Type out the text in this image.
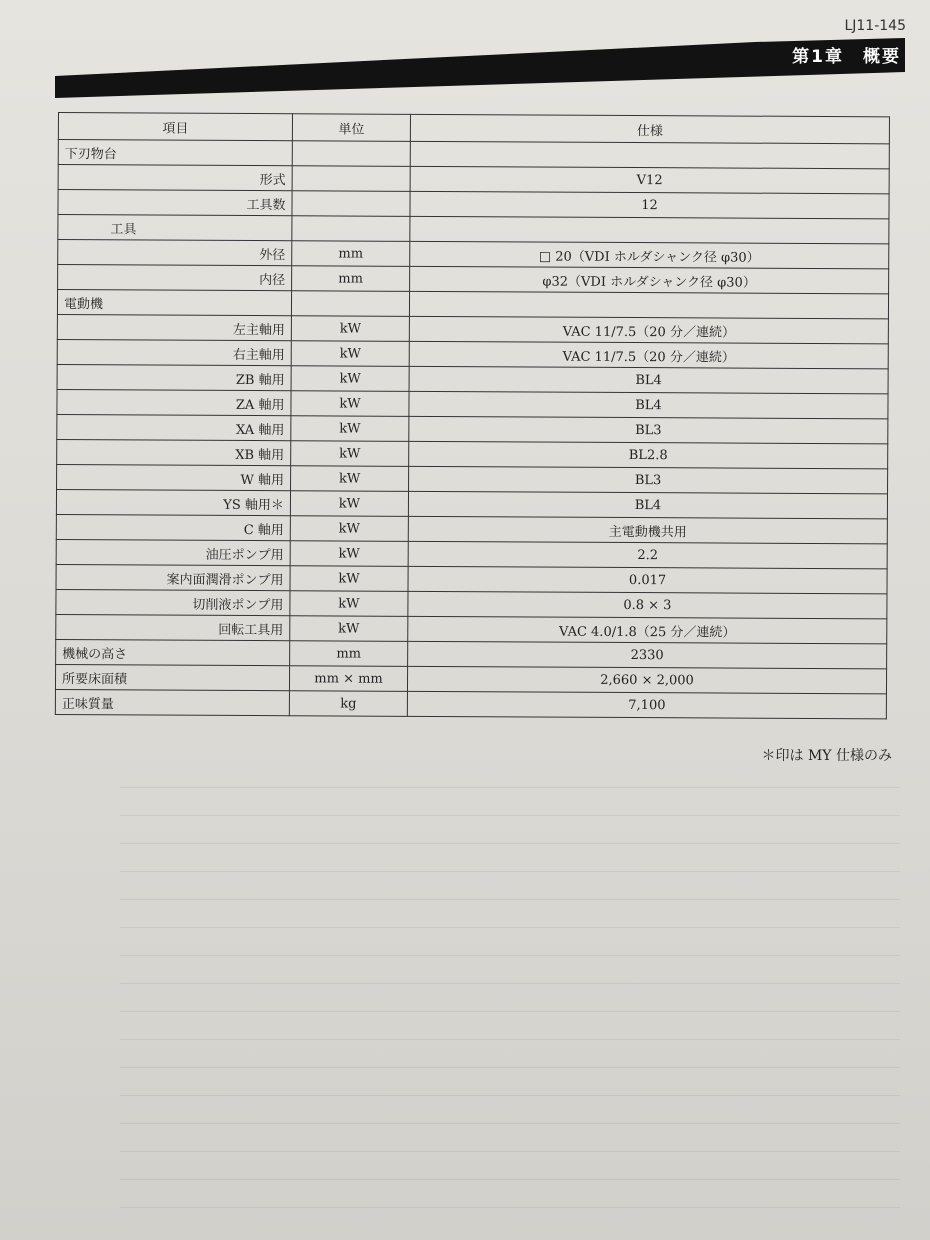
LJ11-145
第1章　概要
項目	単位	仕様
下刃物台		
形式		V12
工具数		12
工具		
外径	mm	□ 20（VDI ホルダシャンク径 φ30）
内径	mm	φ32（VDI ホルダシャンク径 φ30）
電動機		
左主軸用	kW	VAC 11/7.5（20 分／連続）
右主軸用	kW	VAC 11/7.5（20 分／連続）
ZB 軸用	kW	BL4
ZA 軸用	kW	BL4
XA 軸用	kW	BL3
XB 軸用	kW	BL2.8
W 軸用	kW	BL3
YS 軸用＊	kW	BL4
C 軸用	kW	主電動機共用
油圧ポンプ用	kW	2.2
案内面潤滑ポンプ用	kW	0.017
切削液ポンプ用	kW	0.8 × 3
回転工具用	kW	VAC 4.0/1.8（25 分／連続）
機械の高さ	mm	2330
所要床面積	mm × mm	2,660 × 2,000
正味質量	kg	7,100
＊印は MY 仕様のみ
